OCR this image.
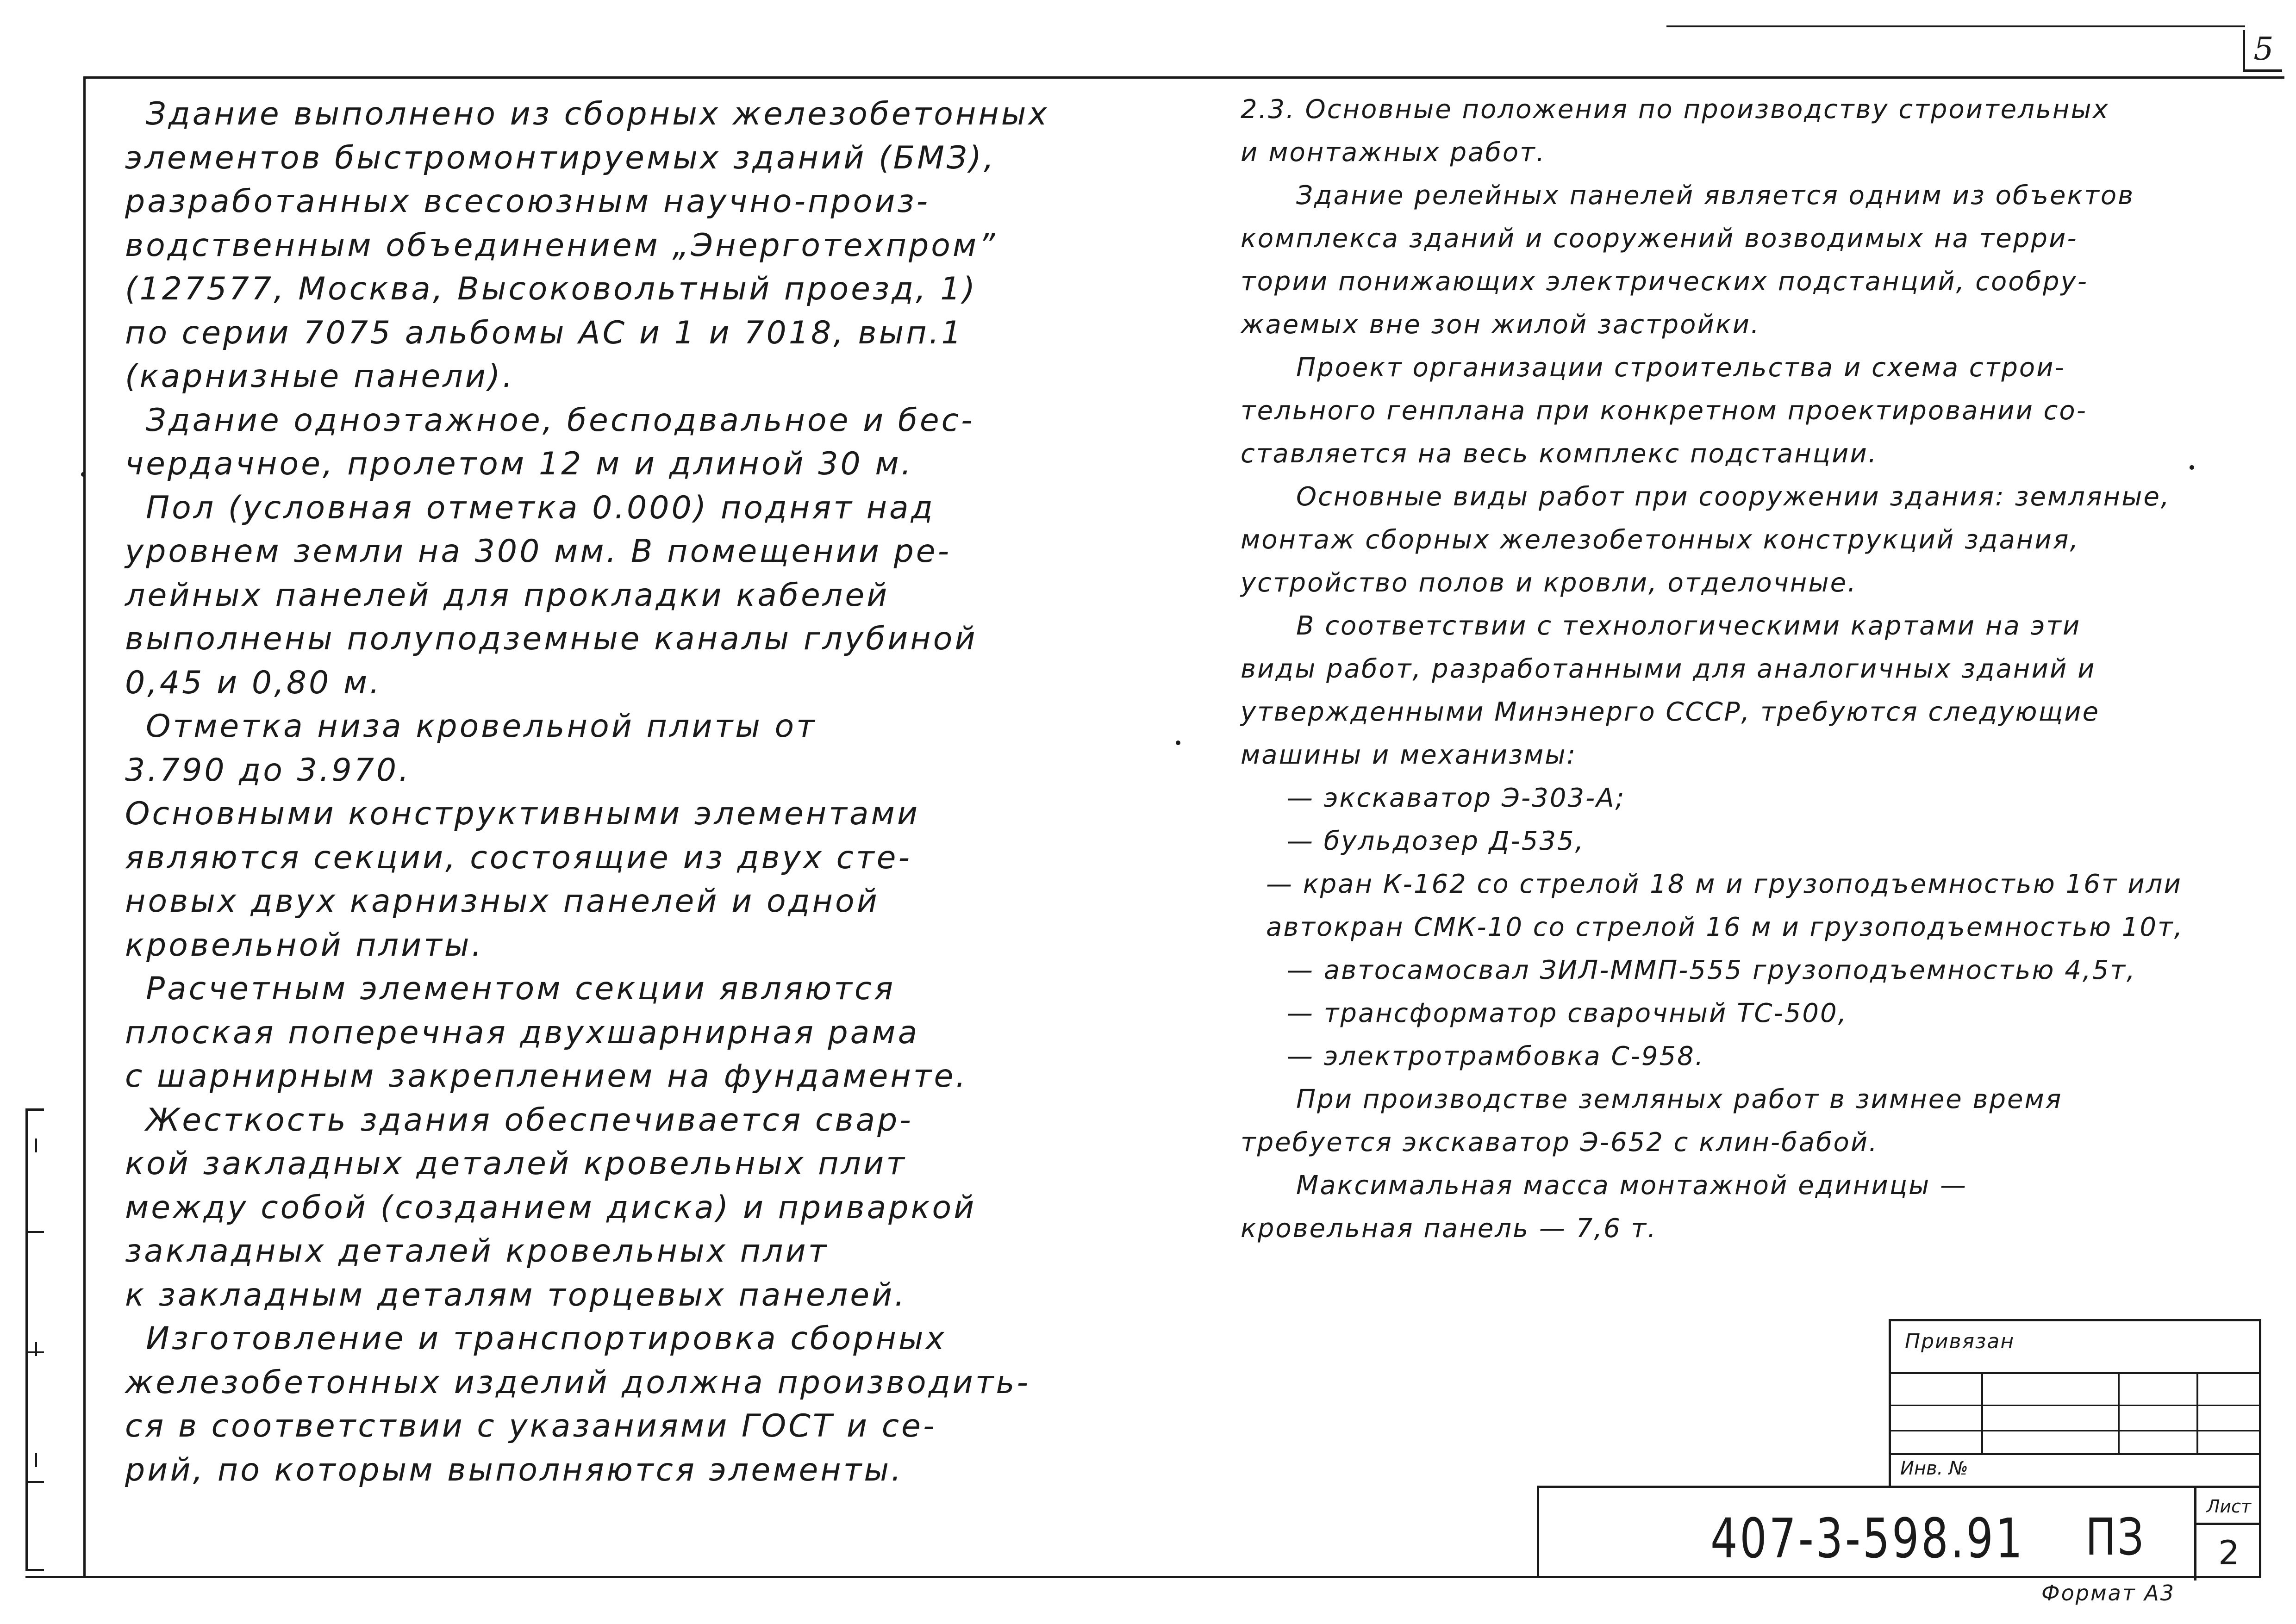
5
Здание выполнено из сборных железобетонных
элементов быстромонтируемых зданий (БМЗ),
разработанных всесоюзным научно-произ-
водственным объединением „Энерготехпром”
(127577, Москва, Высоковольтный проезд, 1)
по серии 7075 альбомы АС и 1 и 7018, вып.1
(карнизные панели).
Здание одноэтажное, бесподвальное и бес-
чердачное, пролетом 12 м и длиной 30 м.
Пол (условная отметка 0.000) поднят над
уровнем земли на 300 мм. В помещении ре-
лейных панелей для прокладки кабелей
выполнены полуподземные каналы глубиной
0,45 и 0,80 м.
Отметка низа кровельной плиты от
3.790 до 3.970.
Основными конструктивными элементами
являются секции, состоящие из двух сте-
новых двух карнизных панелей и одной
кровельной плиты.
Расчетным элементом секции являются
плоская поперечная двухшарнирная рама
с шарнирным закреплением на фундаменте.
Жесткость здания обеспечивается свар-
кой закладных деталей кровельных плит
между собой (созданием диска) и приваркой
закладных деталей кровельных плит
к закладным деталям торцевых панелей.
Изготовление и транспортировка сборных
железобетонных изделий должна производить-
ся в соответствии с указаниями ГОСТ и се-
рий, по которым выполняются элементы.
2.3. Основные положения по производству строительных
и монтажных работ.
Здание релейных панелей является одним из объектов
комплекса зданий и сооружений возводимых на терри-
тории понижающих электрических подстанций, сообру-
жаемых вне зон жилой застройки.
Проект организации строительства и схема строи-
тельного генплана при конкретном проектировании со-
ставляется на весь комплекс подстанции.
Основные виды работ при сооружении здания: земляные,
монтаж сборных железобетонных конструкций здания,
устройство полов и кровли, отделочные.
В соответствии с технологическими картами на эти
виды работ, разработанными для аналогичных зданий и
утвержденными Минэнерго СССР, требуются следующие
машины и механизмы:
— экскаватор Э-303-А;
— бульдозер Д-535,
— кран К-162 со стрелой 18 м и грузоподъемностью 16т или
автокран СМК-10 со стрелой 16 м и грузоподъемностью 10т,
— автосамосвал ЗИЛ-ММП-555 грузоподъемностью 4,5т,
— трансформатор сварочный ТС-500,
— электротрамбовка С-958.
При производстве земляных работ в зимнее время
требуется экскаватор Э-652 с клин-бабой.
Максимальная масса монтажной единицы —
кровельная панель — 7,6 т.
Привязан
Инв. №
407-3-598.91 ПЗ
Лист
2
Формат А3
